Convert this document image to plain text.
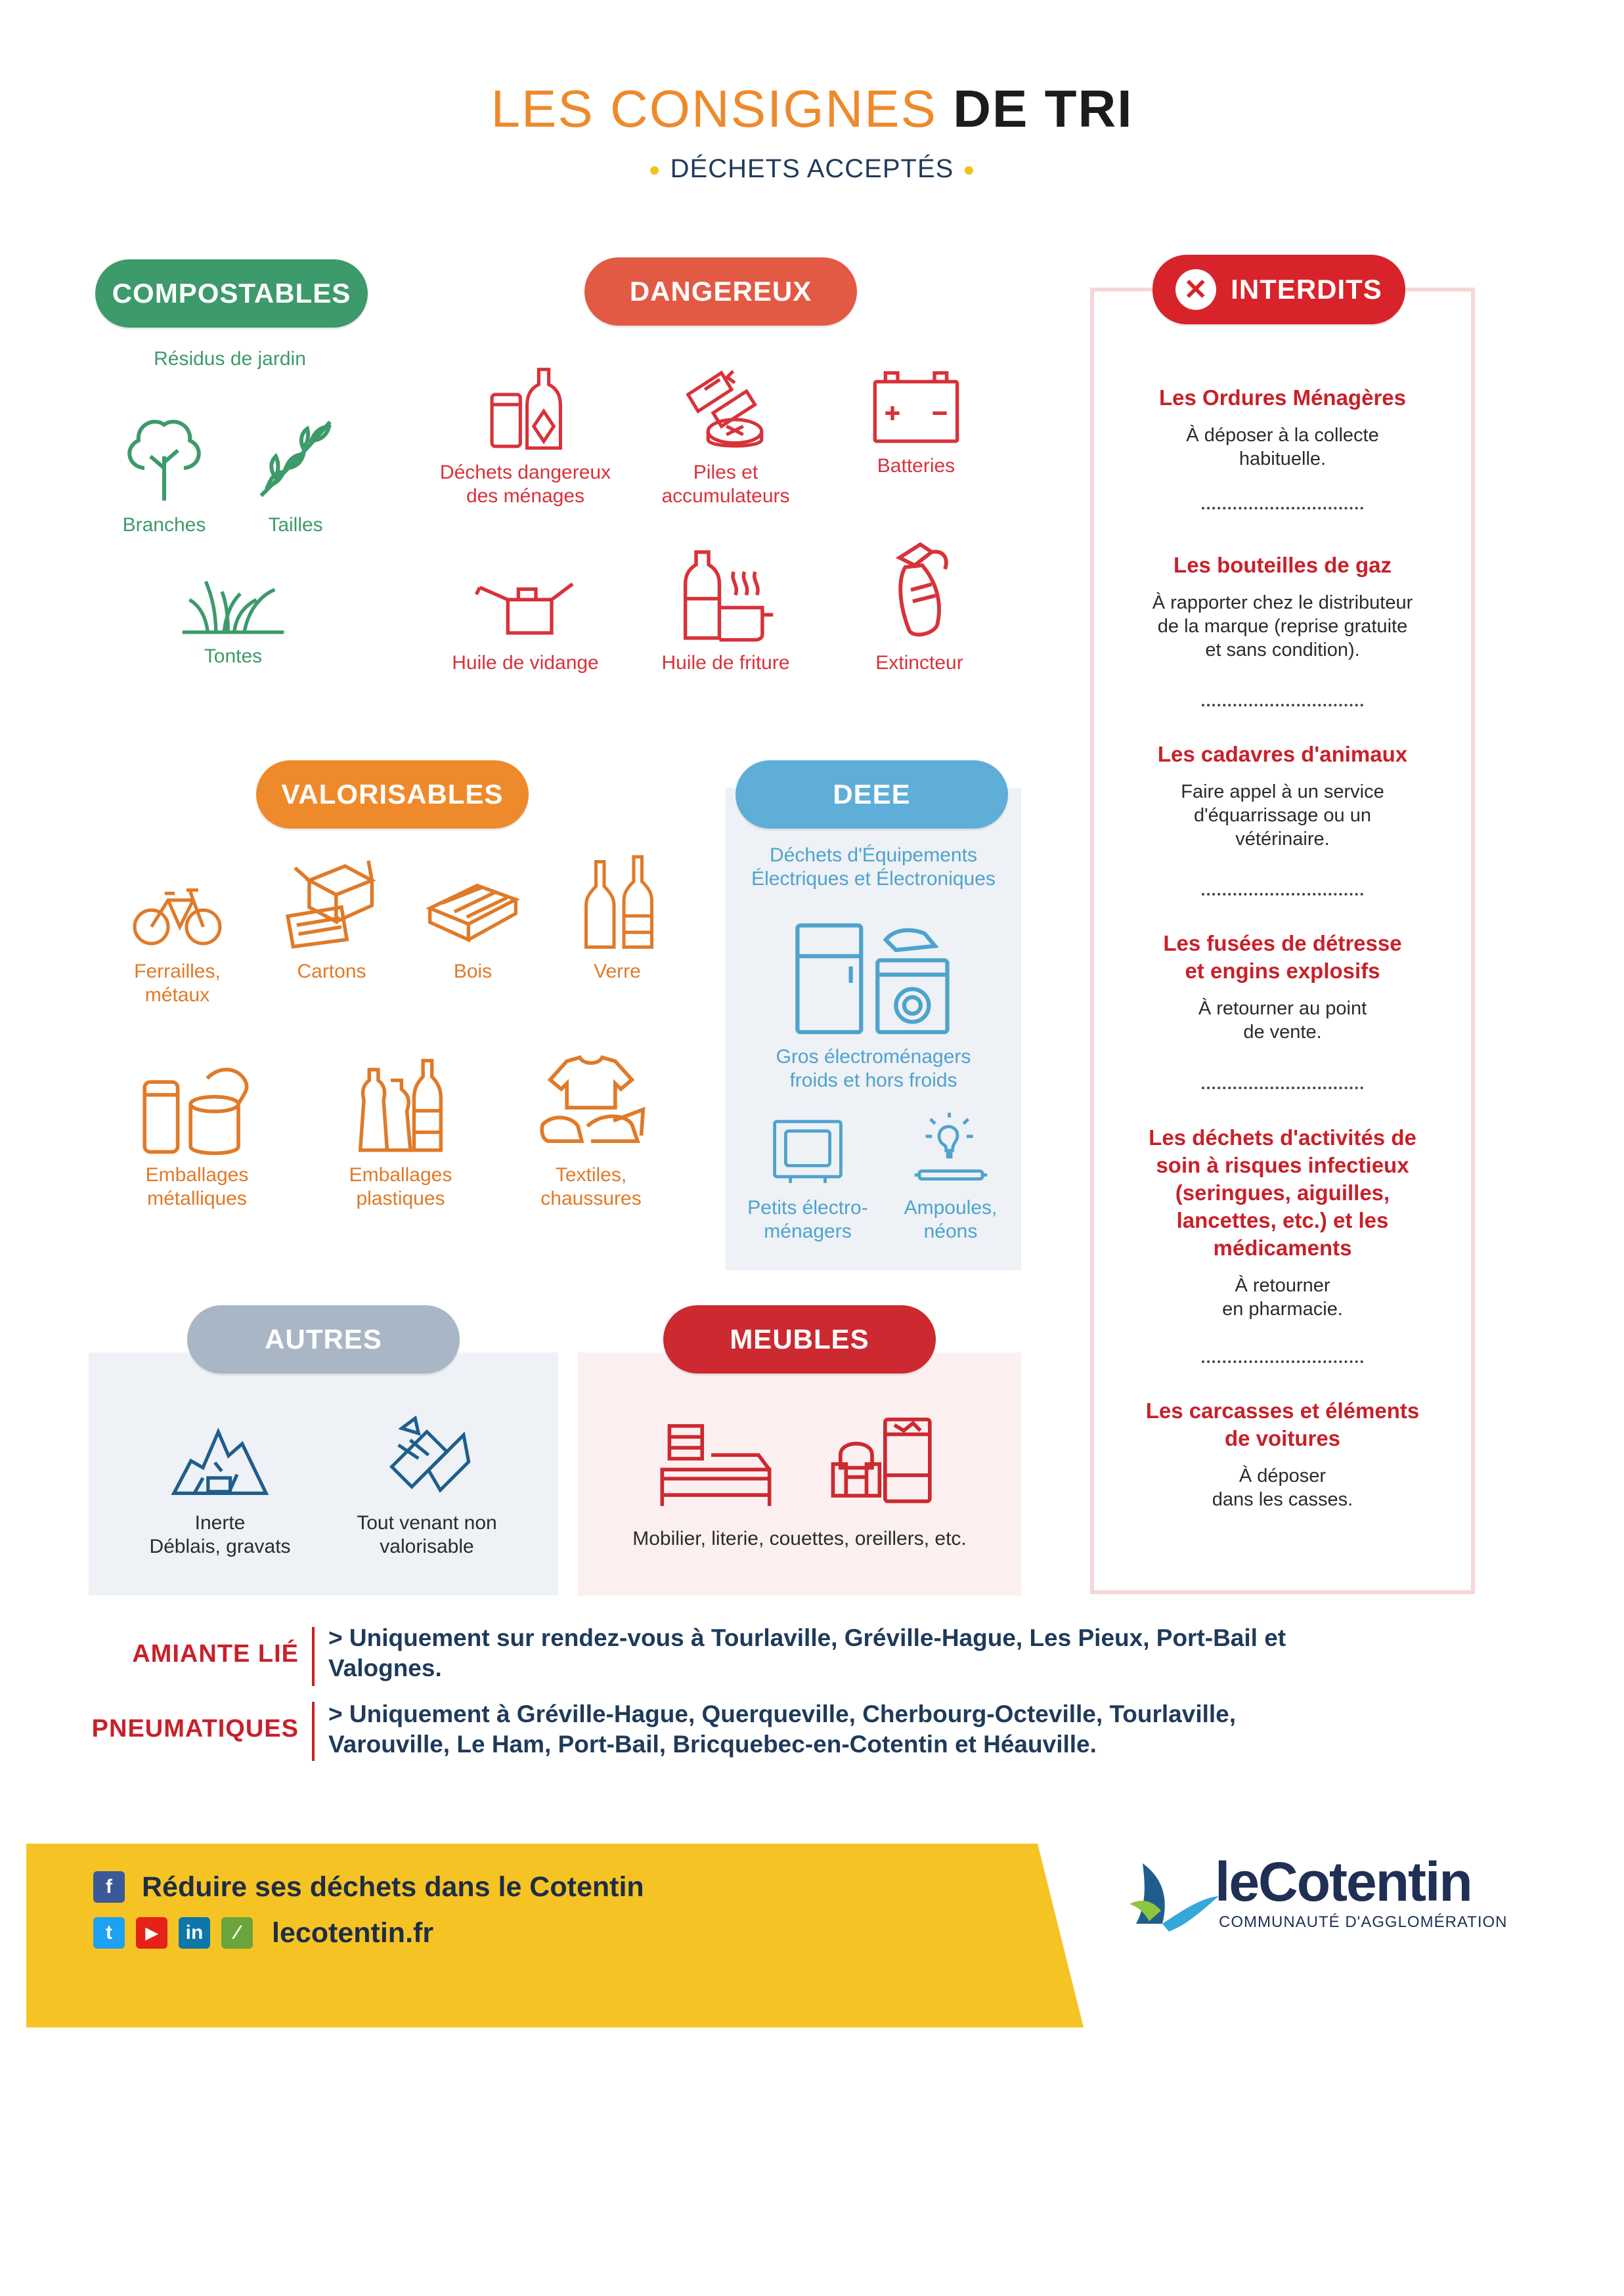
LES CONSIGNES DE TRI
● DÉCHETS ACCEPTÉS ●
COMPOSTABLES
Résidus de jardin
Branches	Tailles
Tontes
DANGEREUX
Déchets dangereux
des ménages
Piles et
accumulateurs
Batteries
Huile de vidange	Huile de friture	Extincteur
VALORISABLES
Ferrailles,
métaux
Cartons	Bois	Verre
Emballages
métalliques
Emballages
plastiques
Textiles,
chaussures
DEEE
Déchets d'Équipements
Électriques et Électroniques
Gros électroménagers
froids et hors froids
Petits électro-
ménagers
Ampoules,
néons
AUTRES
Inerte
Déblais, gravats
Tout venant non
valorisable
MEUBLES
Mobilier, literie, couettes, oreillers, etc.
✕ INTERDITS
Les Ordures Ménagères
À déposer à la collecte
habituelle.
Les bouteilles de gaz
À rapporter chez le distributeur
de la marque (reprise gratuite
et sans condition).
Les cadavres d'animaux
Faire appel à un service
d'équarrissage ou un
vétérinaire.
Les fusées de détresse
et engins explosifs
À retourner au point
de vente.
Les déchets d'activités de
soin à risques infectieux
(seringues, aiguilles,
lancettes, etc.) et les
médicaments
À retourner
en pharmacie.
Les carcasses et éléments
de voitures
À déposer
dans les casses.
AMIANTE LIÉ
> Uniquement sur rendez-vous à Tourlaville, Gréville-Hague, Les Pieux, Port-Bail et
Valognes.
PNEUMATIQUES
> Uniquement à Gréville-Hague, Querqueville, Cherbourg-Octeville, Tourlaville,
Varouville, Le Ham, Port-Bail, Bricquebec-en-Cotentin et Héauville.
f	Réduire ses déchets dans le Cotentin
t	▶	in	⁄	lecotentin.fr
leCotentin
COMMUNAUTÉ D'AGGLOMÉRATION
